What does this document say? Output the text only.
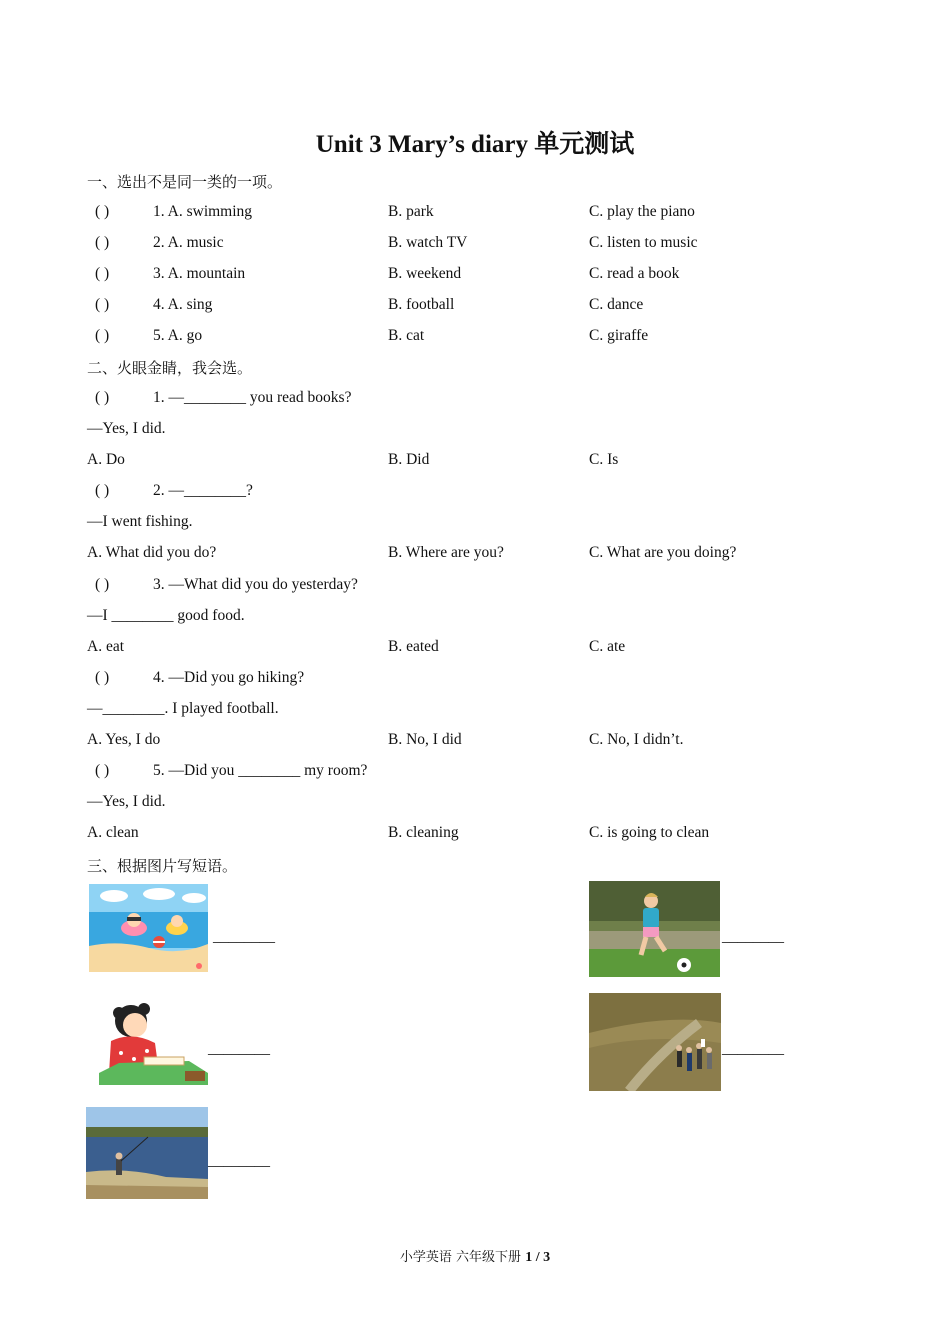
Unit 3 Mary’s diary 单元测试
一、选出不是同一类的一项。
( )	1. A. swimming	B. park	C. play the piano
( )	2. A. music	B. watch TV	C. listen to music
( )	3. A. mountain	B. weekend	C. read a book
( )	4. A. sing	B. football	C. dance
( )	5. A. go	B. cat	C. giraffe
二、火眼金睛，我会选。
( )	1. —________ you read books?
—Yes, I did.
A. Do	B. Did	C. Is
( )	2. —________?
—I went fishing.
A. What did you do?	B. Where are you?	C. What are you doing?
( )	3. —What did you do yesterday?
—I ________ good food.
A. eat	B. eated	C. ate
( )	4. —Did you go hiking?
—________. I played football.
A. Yes, I do	B. No, I did	C. No, I didn’t.
( )	5. —Did you ________ my room?
—Yes, I did.
A. clean	B. cleaning	C. is going to clean
三、根据图片写短语。
________	________
________	________
________
小学英语 六年级下册 1 / 3
